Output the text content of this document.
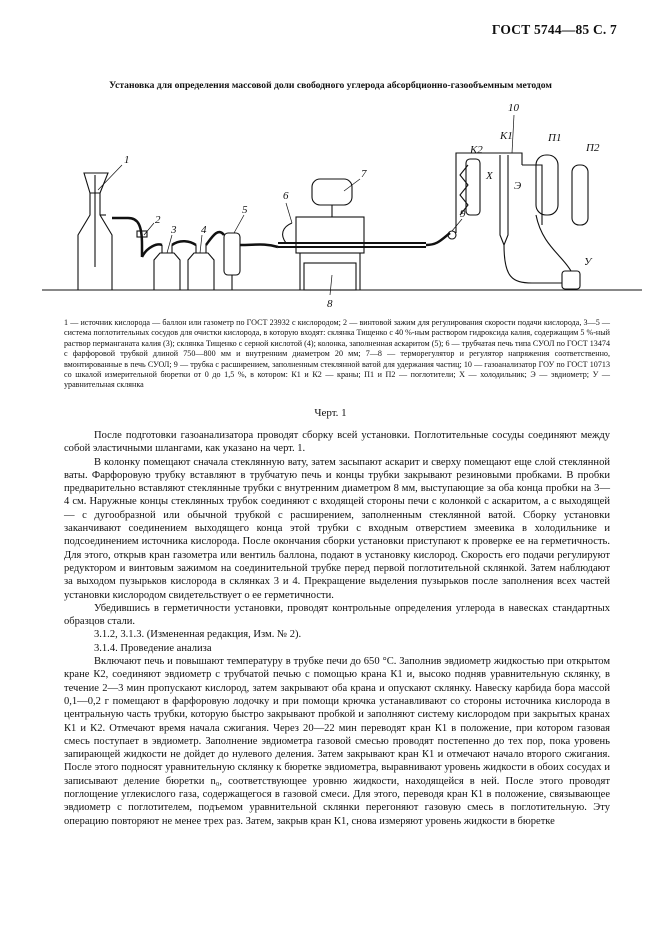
ГОСТ 5744—85 С. 7
Установка для определения массовой доли свободного углерода абсорбционно-газообъемным методом
1
2
3 4
5
6
7
8
9
10
К1
К2
П1
П2
Х
Э
У

1 — источник кислорода — баллон или газометр по ГОСТ 23932 с кислородом; 2 — винтовой зажим для регулирования скорости подачи кислорода, 3—5 — система поглотительных сосудов для очистки кислорода, в которую входят: склянка Тищенко с 40 %-ным раствором гидроксида калия, содержащим 5 %-ный раствор перманганата калия (3); склянка Тищенко с серной кислотой (4); колонка, заполненная аскаритом (5); 6 — трубчатая печь типа СУОЛ по ГОСТ 13474 с фарфоровой трубкой длиной 750—800 мм и внутренним диаметром 20 мм; 7—8 — терморегулятор и регулятор напряжения соответственно, вмонтированные в печь СУОЛ; 9 — трубка с расширением, заполненным стеклянной ватой для удержания частиц; 10 — газоанализатор ГОУ по ГОСТ 10713 со шкалой измерительной бюретки от 0 до 1,5 %, в котором: К1 и К2 — краны; П1 и П2 — поглотители; Х — холодильник; Э — эвдиометр; У — уравнительная склянка

Черт. 1

После подготовки газоанализатора проводят сборку всей установки. Поглотительные сосуды соединяют между собой эластичными шлангами, как указано на черт. 1.

В колонку помещают сначала стеклянную вату, затем засыпают аскарит и сверху помещают еще слой стеклянной ваты. Фарфоровую трубку вставляют в трубчатую печь и концы трубки закрывают резиновыми пробками. В пробки предварительно вставляют стеклянные трубки с внутренним диаметром 8 мм, выступающие за оба конца пробки на 3—4 см. Наружные концы стеклянных трубок соединяют с входящей стороны печи с колонкой с аскаритом, а с выходящей — с дугообразной или обычной трубкой с расширением, заполненным стеклянной ватой. Сборку установки заканчивают соединением выходящего конца этой трубки с входным отверстием змеевика в холодильнике и подсоединением источника кислорода. После окончания сборки установки приступают к проверке ее на герметичность. Для этого, открыв кран газометра или вентиль баллона, подают в установку кислород. Скорость его подачи регулируют редуктором и винтовым зажимом на соединительной трубке перед первой поглотительной склянкой. Затем наблюдают за выходом пузырьков кислорода в склянках 3 и 4. Прекращение выделения пузырьков после заполнения всех частей установки кислородом свидетельствует о ее герметичности.

Убедившись в герметичности установки, проводят контрольные определения углерода в навесках стандартных образцов стали.

3.1.2, 3.1.3. (Измененная редакция, Изм. № 2).

3.1.4. Проведение анализа

Включают печь и повышают температуру в трубке печи до 650 °С. Заполнив эвдиометр жидкостью при открытом кране К2, соединяют эвдиометр с трубчатой печью с помощью крана К1 и, высоко подняв уравнительную склянку, в течение 2—3 мин пропускают кислород, затем закрывают оба крана и опускают склянку. Навеску карбида бора массой 0,1—0,2 г помещают в фарфоровую лодочку и при помощи крючка устанавливают со стороны источника кислорода в центральную часть трубки, которую быстро закрывают пробкой и заполняют систему кислородом при закрытых кранах К1 и К2. Отмечают время начала сжигания. Через 20—22 мин переводят кран К1 в положение, при котором газовая смесь поступает в эвдиометр. Заполнение эвдиометра газовой смесью проводят постепенно до тех пор, пока уровень запирающей жидкости не дойдет до нулевого деления. Затем закрывают кран К1 и отмечают начало второго сжигания. После этого подносят уравнительную склянку к бюретке эвдиометра, выравнивают уровень жидкости в обоих сосудах и записывают деление бюретки n₀, соответствующее уровню жидкости, находящейся в ней. После этого проводят поглощение углекислого газа, содержащегося в газовой смеси. Для этого, переводя кран К1 в положение, связывающее эвдиометр с поглотителем, подъемом уравнительной склянки перегоняют газовую смесь в поглотительную. Эту операцию повторяют не менее трех раз. Затем, закрыв кран К1, снова измеряют уровень жидкости в бюретке
